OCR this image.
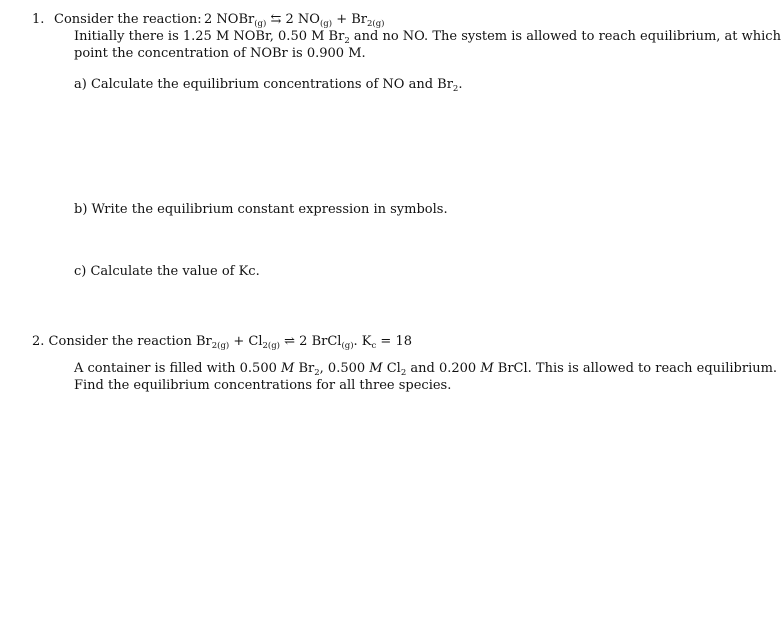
1. Consider the reaction: 2 NOBr$_{(g)}$ ⇆ 2 $NO_{(g)} + Br_{2(g)}$
Initially there is 1.25 M NOBr, 0.50 M $Br_2$ and no NO. The system is allowed to reach equilibrium, at which
point the concentration of NOBr is 0.900 M.
a) Calculate the equilibrium concentrations of NO and $Br_2$.
b) Write the equilibrium constant expression in symbols.
c) Calculate the value of Kc.
2. Consider the reaction $Br_{2(g)} + Cl_{2(g)}$ ⇌ 2 BrCl$_{(g)}$. $K_c = 18$
A container is filled with 0.500 M $Br_2$, 0.500 M $Cl_2$ and 0.200 M BrCl. This is allowed to reach equilibrium.
Find the equilibrium concentrations for all three species.
